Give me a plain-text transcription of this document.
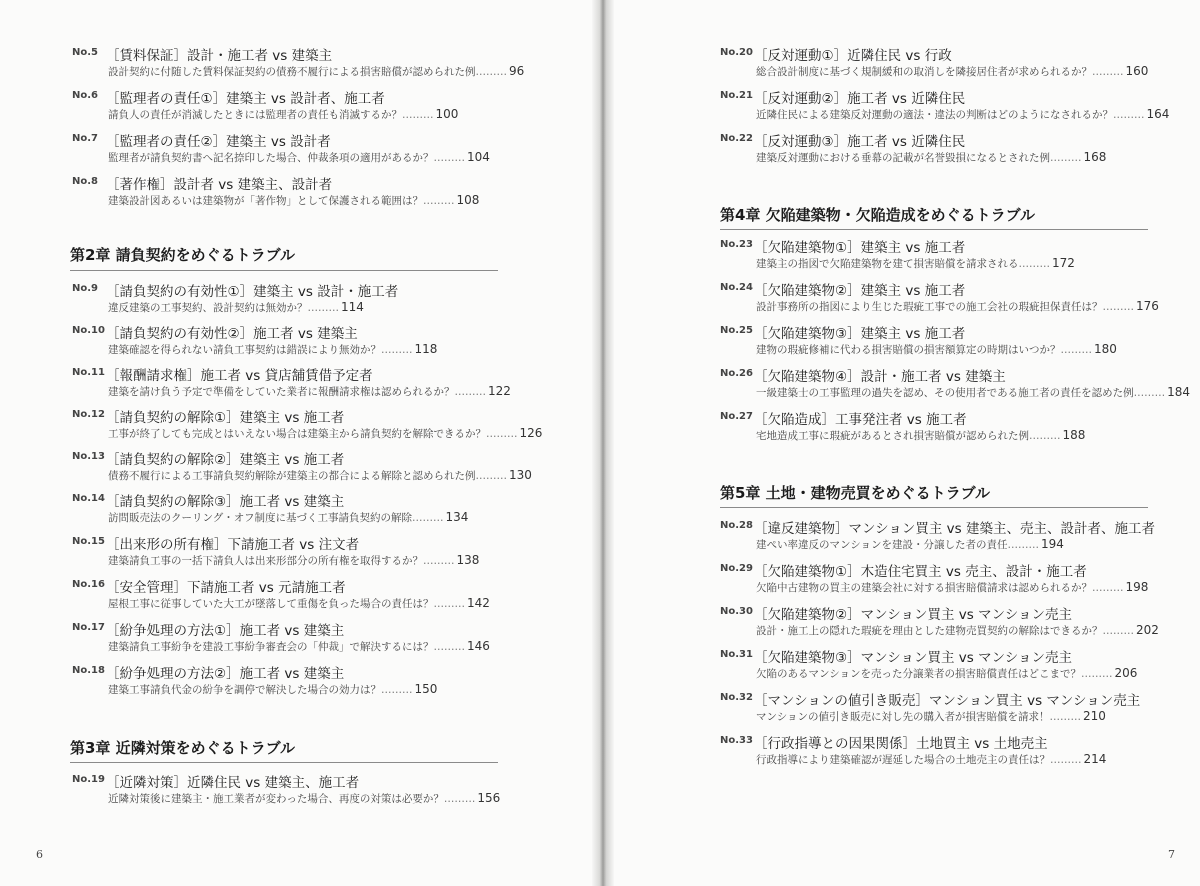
No.5 ［賃料保証］設計・施工者 vs 建築主
設計契約に付随した賃料保証契約の債務不履行による損害賠償が認められた例……… 96
No.6 ［監理者の責任①］建築主 vs 設計者、施工者
請負人の責任が消滅したときには監理者の責任も消滅するか？……… 100
No.7 ［監理者の責任②］建築主 vs 設計者
監理者が請負契約書へ記名捺印した場合、仲裁条項の適用があるか？……… 104
No.8 ［著作権］設計者 vs 建築主、設計者
建築設計図あるいは建築物が「著作物」として保護される範囲は？……… 108
第2章 請負契約をめぐるトラブル
No.9 ［請負契約の有効性①］建築主 vs 設計・施工者
違反建築の工事契約、設計契約は無効か？……… 114
No.10 ［請負契約の有効性②］施工者 vs 建築主
建築確認を得られない請負工事契約は錯誤により無効か？……… 118
No.11 ［報酬請求権］施工者 vs 貸店舗賃借予定者
建築を請け負う予定で準備をしていた業者に報酬請求権は認められるか？……… 122
No.12 ［請負契約の解除①］建築主 vs 施工者
工事が終了しても完成とはいえない場合は建築主から請負契約を解除できるか？……… 126
No.13 ［請負契約の解除②］建築主 vs 施工者
債務不履行による工事請負契約解除が建築主の都合による解除と認められた例……… 130
No.14 ［請負契約の解除③］施工者 vs 建築主
訪問販売法のクーリング・オフ制度に基づく工事請負契約の解除……… 134
No.15 ［出来形の所有権］下請施工者 vs 注文者
建築請負工事の一括下請負人は出来形部分の所有権を取得するか？……… 138
No.16 ［安全管理］下請施工者 vs 元請施工者
屋根工事に従事していた大工が墜落して重傷を負った場合の責任は？……… 142
No.17 ［紛争処理の方法①］施工者 vs 建築主
建築請負工事紛争を建設工事紛争審査会の「仲裁」で解決するには？……… 146
No.18 ［紛争処理の方法②］施工者 vs 建築主
建築工事請負代金の紛争を調停で解決した場合の効力は？……… 150
第3章 近隣対策をめぐるトラブル
No.19 ［近隣対策］近隣住民 vs 建築主、施工者
近隣対策後に建築主・施工業者が変わった場合、再度の対策は必要か？……… 156
6
No.20 ［反対運動①］近隣住民 vs 行政
総合設計制度に基づく規制緩和の取消しを隣接居住者が求められるか？……… 160
No.21 ［反対運動②］施工者 vs 近隣住民
近隣住民による建築反対運動の適法・違法の判断はどのようになされるか？……… 164
No.22 ［反対運動③］施工者 vs 近隣住民
建築反対運動における垂幕の記載が名誉毀損になるとされた例……… 168
第4章 欠陥建築物・欠陥造成をめぐるトラブル
No.23 ［欠陥建築物①］建築主 vs 施工者
建築主の指図で欠陥建築物を建て損害賠償を請求される……… 172
No.24 ［欠陥建築物②］建築主 vs 施工者
設計事務所の指図により生じた瑕疵工事での施工会社の瑕疵担保責任は？……… 176
No.25 ［欠陥建築物③］建築主 vs 施工者
建物の瑕疵修補に代わる損害賠償の損害額算定の時期はいつか？……… 180
No.26 ［欠陥建築物④］設計・施工者 vs 建築主
一級建築士の工事監理の過失を認め、その使用者である施工者の責任を認めた例……… 184
No.27 ［欠陥造成］工事発注者 vs 施工者
宅地造成工事に瑕疵があるとされ損害賠償が認められた例……… 188
第5章 土地・建物売買をめぐるトラブル
No.28 ［違反建築物］マンション買主 vs 建築主、売主、設計者、施工者
建ぺい率違反のマンションを建設・分譲した者の責任……… 194
No.29 ［欠陥建築物①］木造住宅買主 vs 売主、設計・施工者
欠陥中古建物の買主の建築会社に対する損害賠償請求は認められるか？……… 198
No.30 ［欠陥建築物②］マンション買主 vs マンション売主
設計・施工上の隠れた瑕疵を理由とした建物売買契約の解除はできるか？……… 202
No.31 ［欠陥建築物③］マンション買主 vs マンション売主
欠陥のあるマンションを売った分譲業者の損害賠償責任はどこまで？……… 206
No.32 ［マンションの値引き販売］マンション買主 vs マンション売主
マンションの値引き販売に対し先の購入者が損害賠償を請求！……… 210
No.33 ［行政指導との因果関係］土地買主 vs 土地売主
行政指導により建築確認が遅延した場合の土地売主の責任は？……… 214
7
